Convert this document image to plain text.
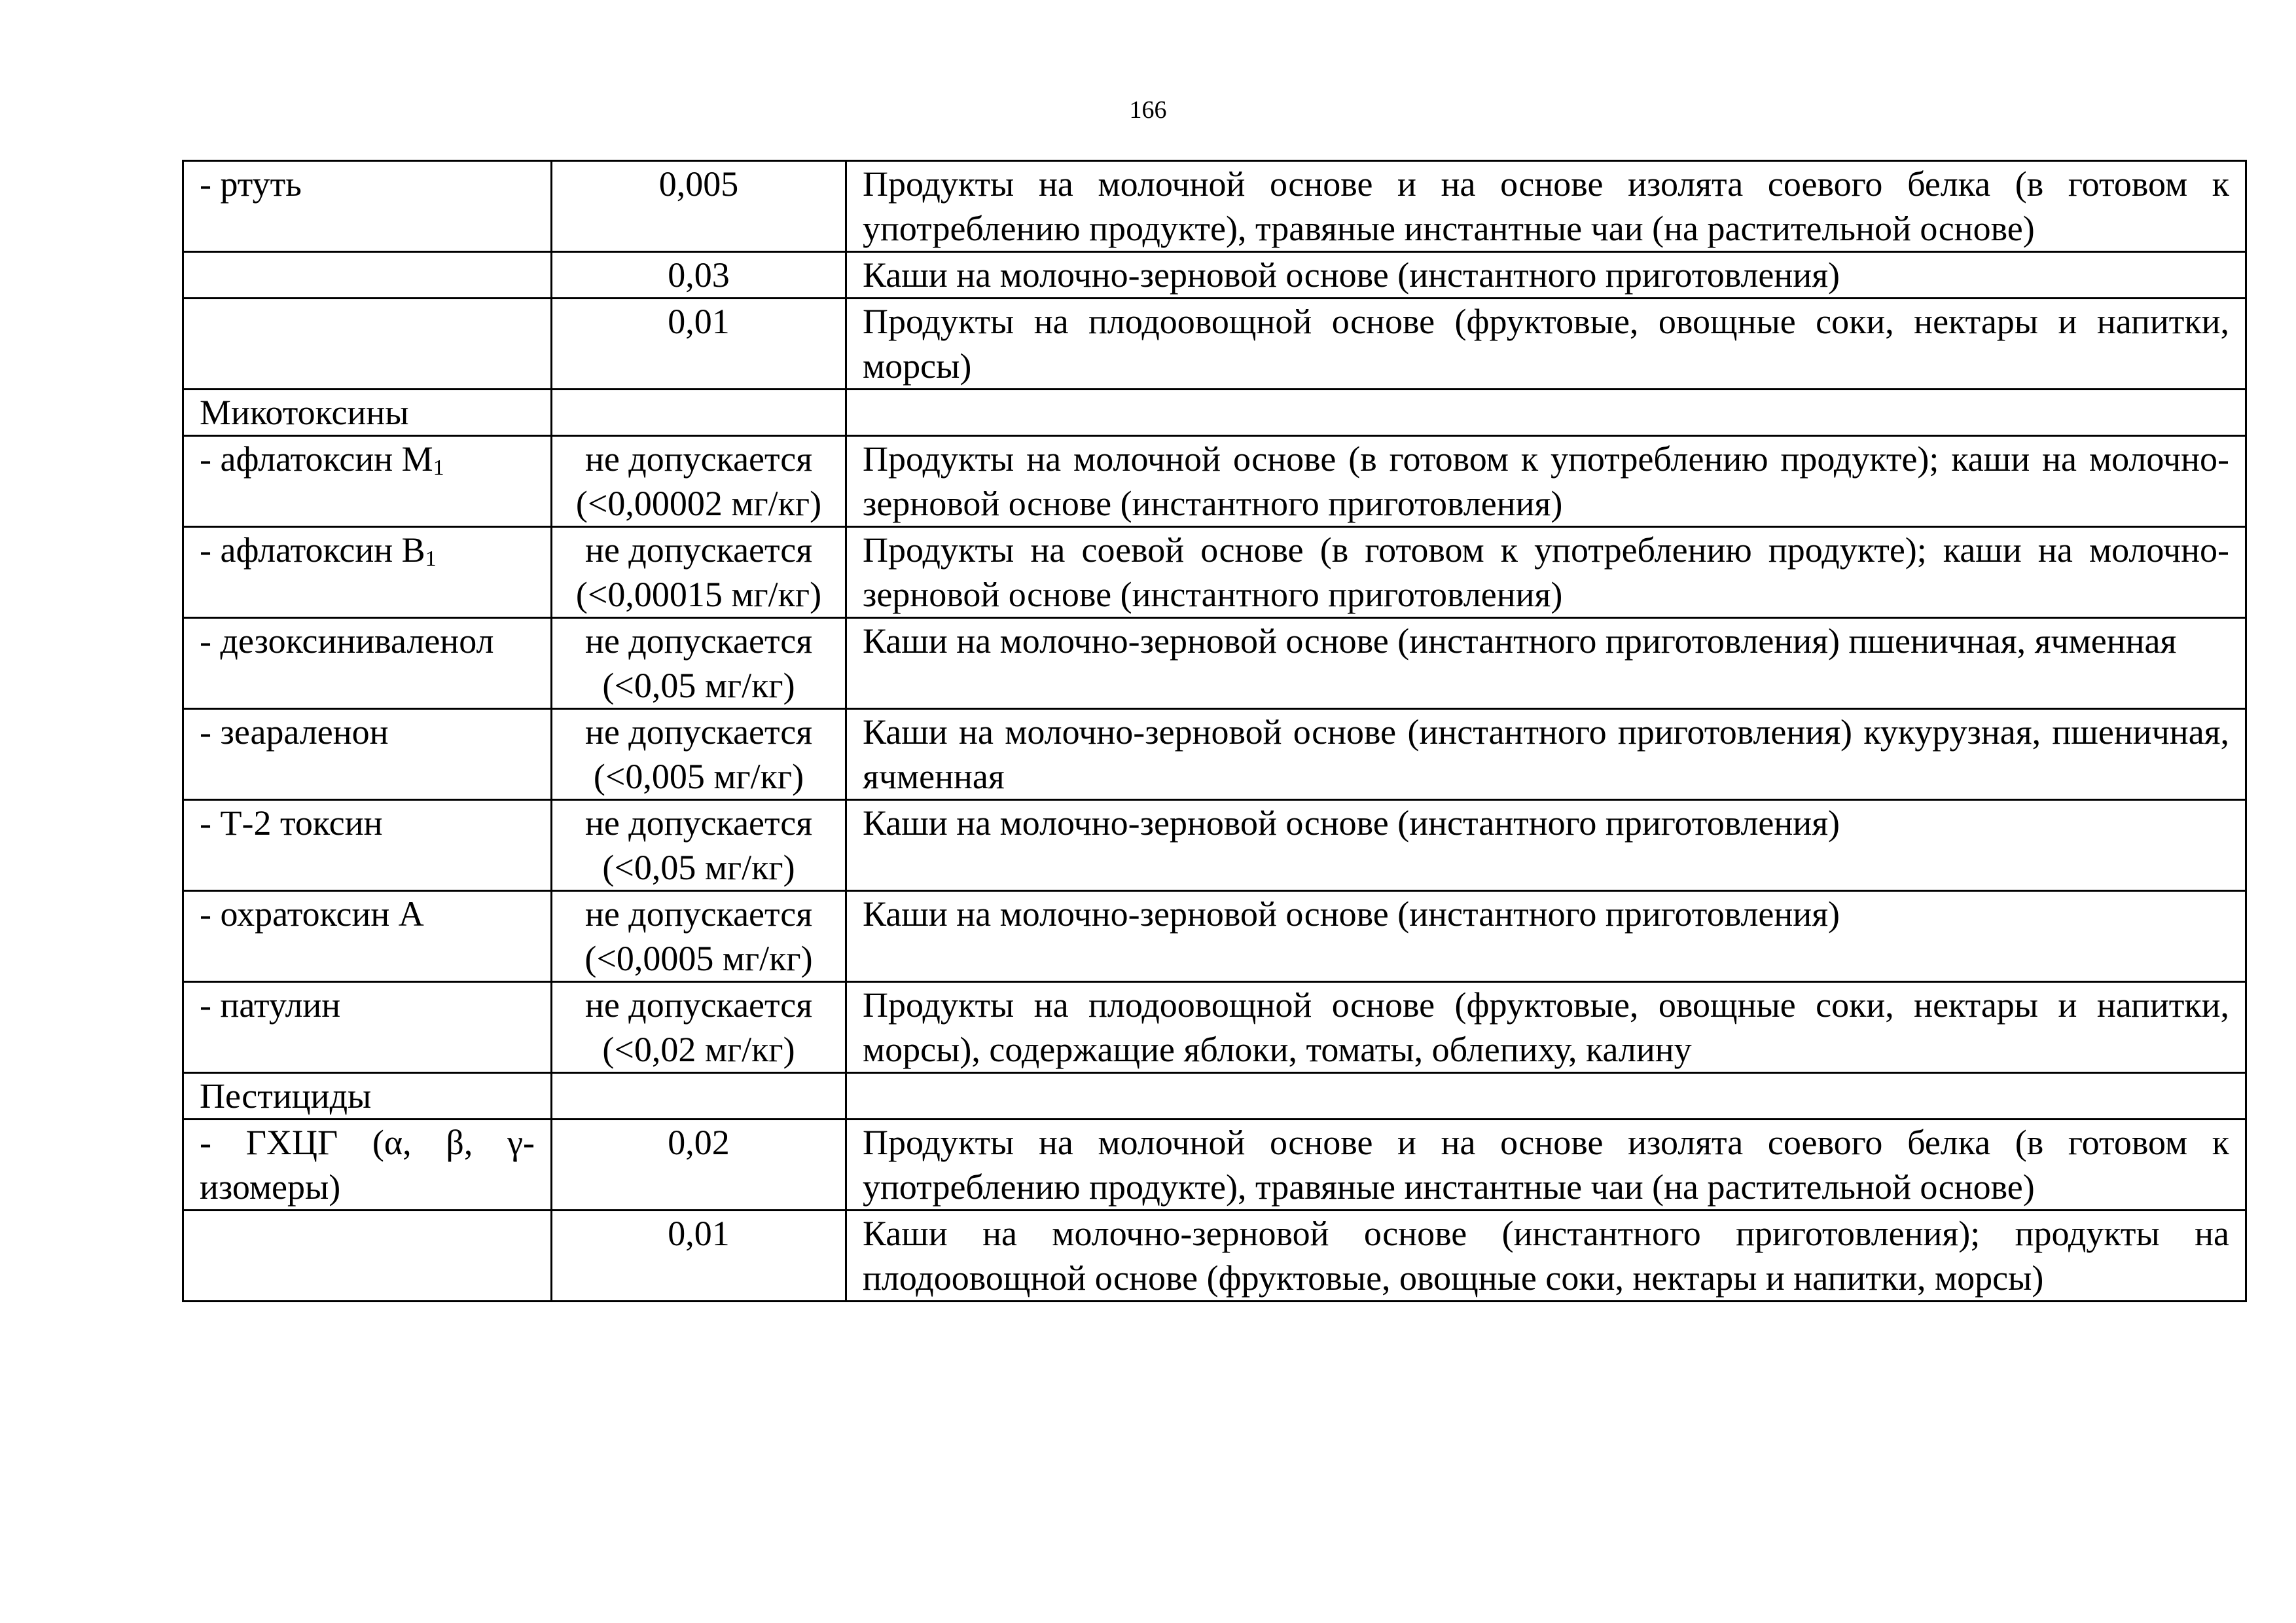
166
- ртуть	0,005	Продукты на молочной основе и на основе изолята соевого белка (в готовом к употреблению продукте), травяные инстантные чаи (на растительной основе)
	0,03	Каши на молочно-зерновой основе (инстантного приготовления)
	0,01	Продукты на плодоовощной основе (фруктовые, овощные соки, нектары и напитки, морсы)
Микотоксины		
- афлатоксин $М_1$	не допускается (<0,00002 мг/кг)	Продукты на молочной основе (в готовом к употреблению продукте); каши на молочно-зерновой основе (инстантного приготовления)
- афлатоксин $В_1$	не допускается (<0,00015 мг/кг)	Продукты на соевой основе (в готовом к употреблению продукте); каши на молочно-зерновой основе (инстантного приготовления)
- дезоксиниваленол	не допускается (<0,05 мг/кг)	Каши на молочно-зерновой основе (инстантного приготовления) пшеничная, ячменная
- зеараленон	не допускается (<0,005 мг/кг)	Каши на молочно-зерновой основе (инстантного приготовления) кукурузная, пшеничная, ячменная
- Т-2 токсин	не допускается (<0,05 мг/кг)	Каши на молочно-зерновой основе (инстантного приготовления)
- охратоксин А	не допускается (<0,0005 мг/кг)	Каши на молочно-зерновой основе (инстантного приготовления)
- патулин	не допускается (<0,02 мг/кг)	Продукты на плодоовощной основе (фруктовые, овощные соки, нектары и напитки, морсы), содержащие яблоки, томаты, облепиху, калину
Пестициды		
- ГХЦГ (α, β, γ-изомеры)	0,02	Продукты на молочной основе и на основе изолята соевого белка (в готовом к употреблению продукте), травяные инстантные чаи (на растительной основе)
	0,01	Каши на молочно-зерновой основе (инстантного приготовления); продукты на плодоовощной основе (фруктовые, овощные соки, нектары и напитки, морсы)
